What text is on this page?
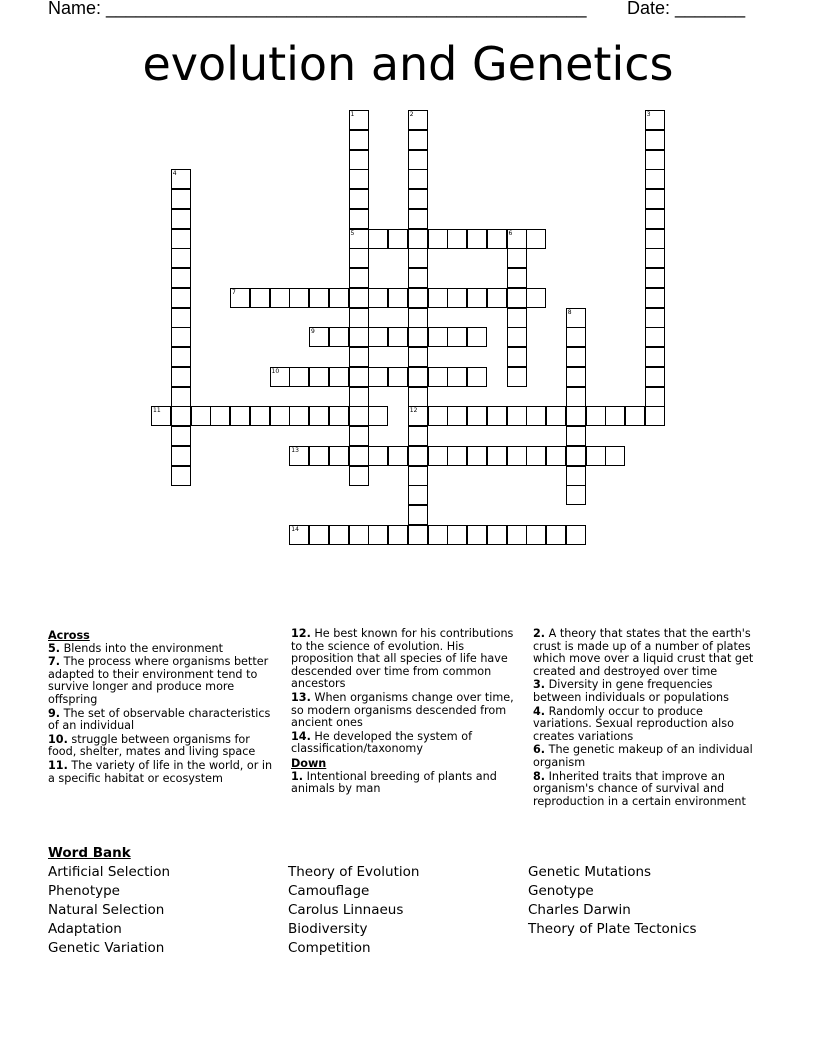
Name: ________________________________________________ Date: _______
evolution and Genetics
1
5
2
12
3
4
6
7
8
9
10
11
13
14
Across
5. Blends into the environment
7. The process where organisms better adapted to their environment tend to survive longer and produce more offspring
9. The set of observable characteristics of an individual
10. struggle between organisms for food, shelter, mates and living space
11. The variety of life in the world, or in a specific habitat or ecosystem
12. He best known for his contributions to the science of evolution. His proposition that all species of life have descended over time from common ancestors
13. When organisms change over time, so modern organisms descended from ancient ones
14. He developed the system of classification/taxonomy
Down
1. Intentional breeding of plants and animals by man
2. A theory that states that the earth's crust is made up of a number of plates which move over a liquid crust that get created and destroyed over time
3. Diversity in gene frequencies between individuals or populations
4. Randomly occur to produce variations. Sexual reproduction also creates variations
6. The genetic makeup of an individual organism
8. Inherited traits that improve an organism's chance of survival and reproduction in a certain environment
Word Bank
Artificial Selection
Phenotype
Natural Selection
Adaptation
Genetic Variation
Theory of Evolution
Camouflage
Carolus Linnaeus
Biodiversity
Competition
Genetic Mutations
Genotype
Charles Darwin
Theory of Plate Tectonics
